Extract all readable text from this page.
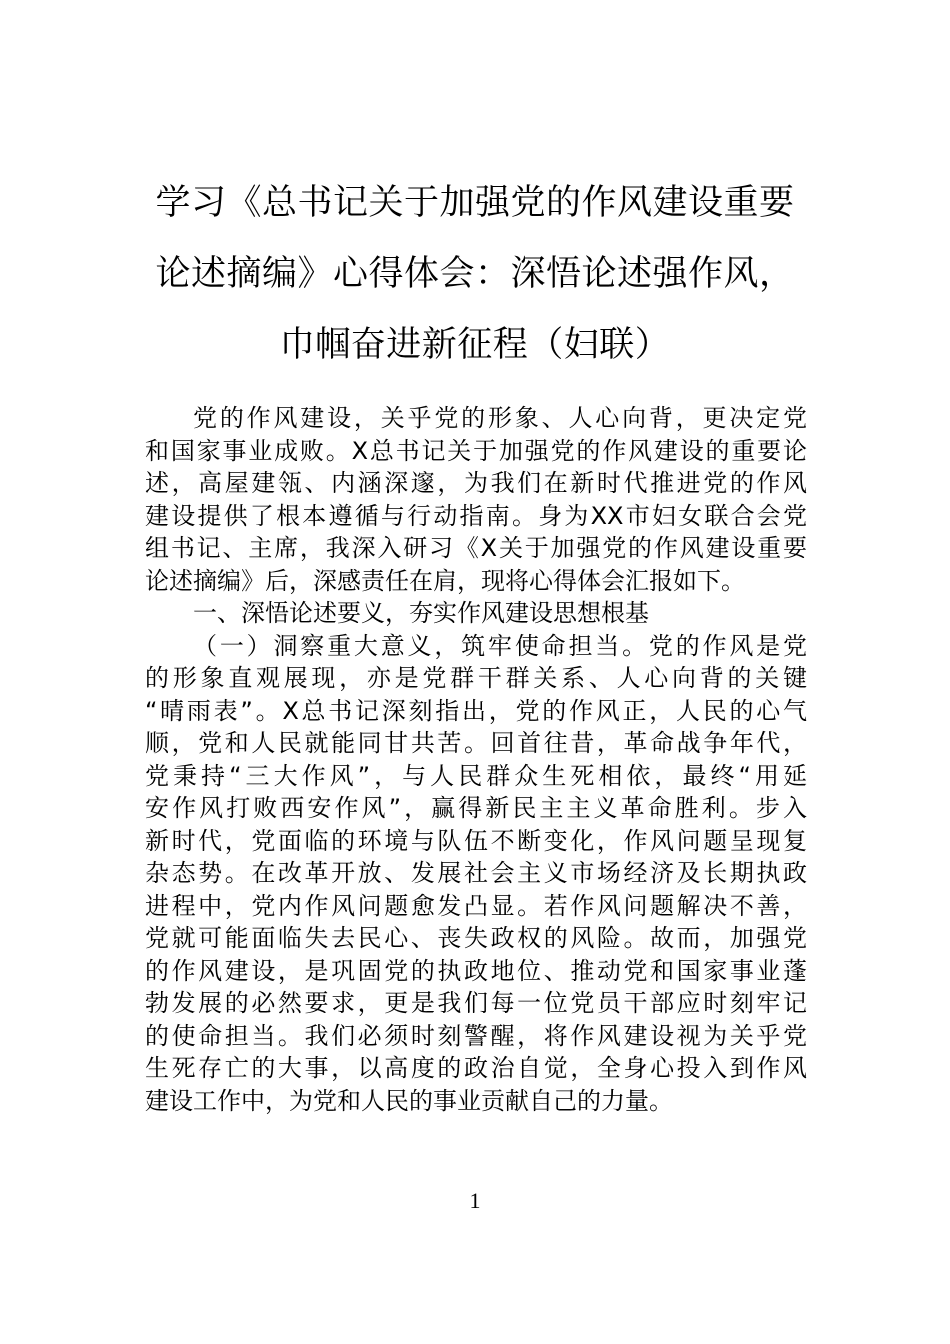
学习《总书记关于加强党的作风建设重要
论述摘编》心得体会：深悟论述强作风，
巾帼奋进新征程（妇联）
党的作风建设，关乎党的形象、人心向背，更决定党
和国家事业成败。X总书记关于加强党的作风建设的重要论
述，高屋建瓴、内涵深邃，为我们在新时代推进党的作风
建设提供了根本遵循与行动指南。身为XX市妇女联合会党
组书记、主席，我深入研习《X关于加强党的作风建设重要
论述摘编》后，深感责任在肩，现将心得体会汇报如下。
一、深悟论述要义，夯实作风建设思想根基
（一）洞察重大意义，筑牢使命担当。党的作风是党
的形象直观展现，亦是党群干群关系、人心向背的关键
“晴雨表”。X总书记深刻指出，党的作风正，人民的心气
顺，党和人民就能同甘共苦。回首往昔，革命战争年代，
党秉持“三大作风”，与人民群众生死相依，最终“用延
安作风打败西安作风”，赢得新民主主义革命胜利。步入
新时代，党面临的环境与队伍不断变化，作风问题呈现复
杂态势。在改革开放、发展社会主义市场经济及长期执政
进程中，党内作风问题愈发凸显。若作风问题解决不善，
党就可能面临失去民心、丧失政权的风险。故而，加强党
的作风建设，是巩固党的执政地位、推动党和国家事业蓬
勃发展的必然要求，更是我们每一位党员干部应时刻牢记
的使命担当。我们必须时刻警醒，将作风建设视为关乎党
生死存亡的大事，以高度的政治自觉，全身心投入到作风
建设工作中，为党和人民的事业贡献自己的力量。
1
